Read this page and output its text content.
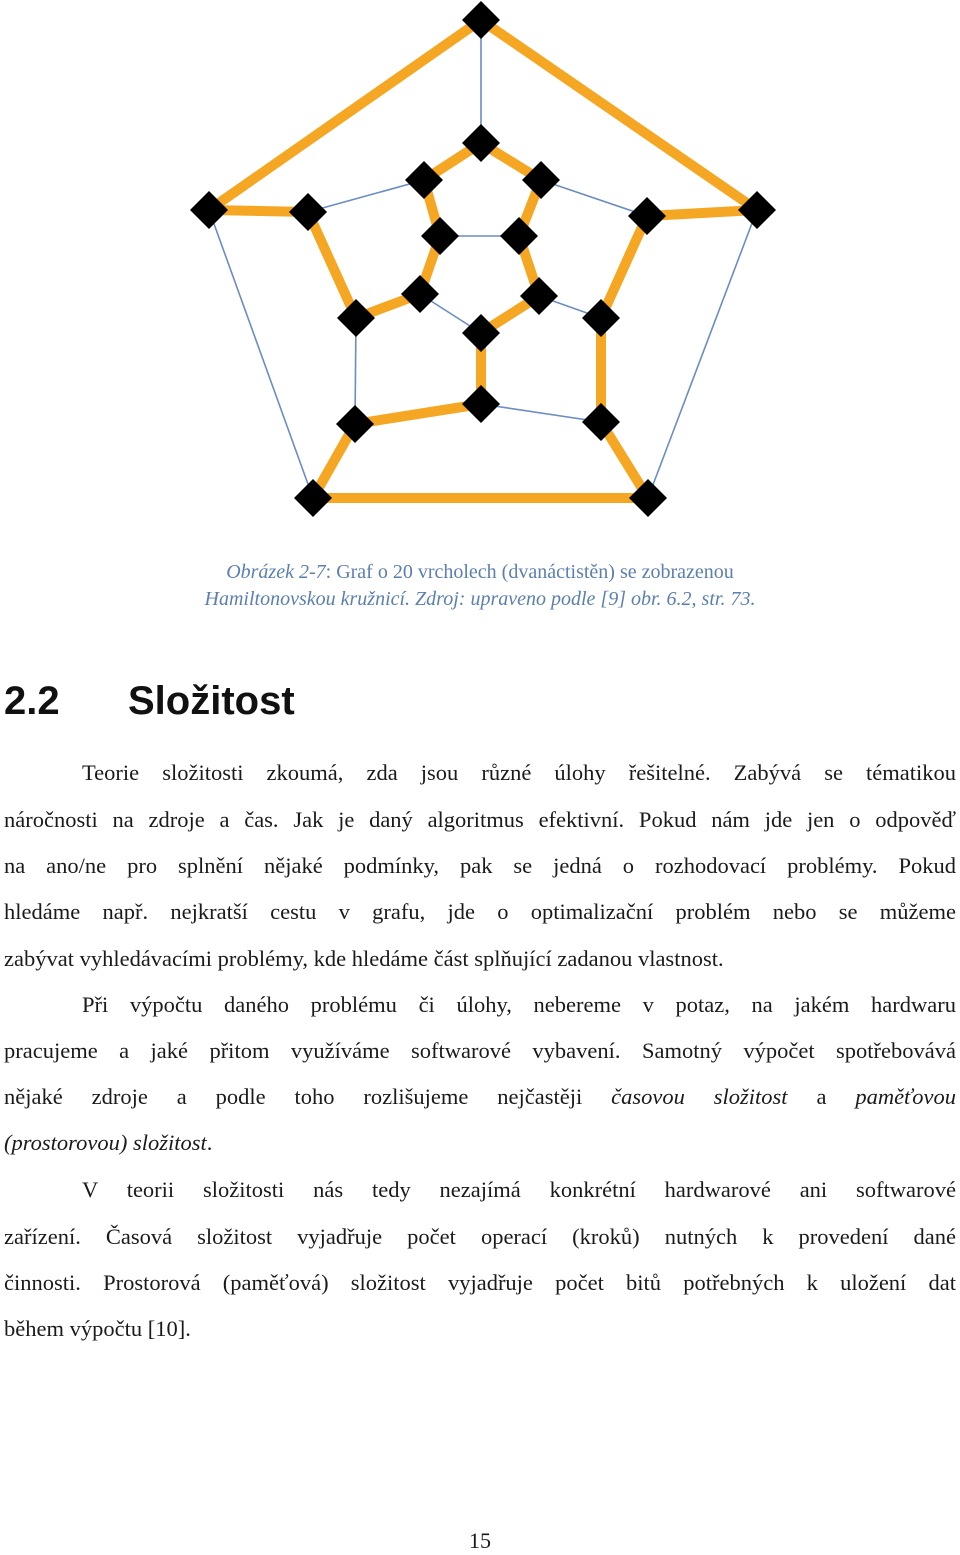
Obrázek 2-7: Graf o 20 vrcholech (dvanáctistěn) se zobrazenou
Hamiltonovskou kružnicí. Zdroj: upraveno podle [9] obr. 6.2, str. 73.
2.2 Složitost
Teorie složitosti zkoumá, zda jsou různé úlohy řešitelné. Zabývá se tématikou
náročnosti na zdroje a čas. Jak je daný algoritmus efektivní. Pokud nám jde jen o odpověď
na ano/ne pro splnění nějaké podmínky, pak se jedná o rozhodovací problémy. Pokud
hledáme např. nejkratší cestu v grafu, jde o optimalizační problém nebo se můžeme
zabývat vyhledávacími problémy, kde hledáme část splňující zadanou vlastnost.
Při výpočtu daného problému či úlohy, nebereme v potaz, na jakém hardwaru
pracujeme a jaké přitom využíváme softwarové vybavení. Samotný výpočet spotřebovává
nějaké zdroje a podle toho rozlišujeme nejčastěji časovou složitost a paměťovou
(prostorovou) složitost.
V teorii složitosti nás tedy nezajímá konkrétní hardwarové ani softwarové
zařízení. Časová složitost vyjadřuje počet operací (kroků) nutných k provedení dané
činnosti. Prostorová (paměťová) složitost vyjadřuje počet bitů potřebných k uložení dat
během výpočtu [10].
15
